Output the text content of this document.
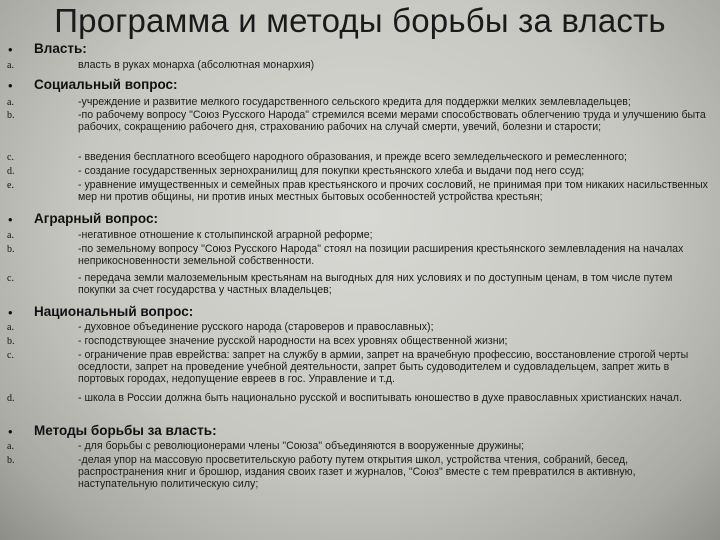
Программа и методы борьбы за власть
• Власть:
a.	власть в руках монарха (абсолютная монархия)
• Социальный вопрос:
a.	-учреждение и развитие мелкого государственного сельского кредита для поддержки мелких землевладельцев;
b.	-по рабочему вопросу "Союз Русского Народа" стремился всеми мерами способствовать облегчению труда и улучшению быта рабочих, сокращению рабочего дня, страхованию рабочих на случай смерти, увечий, болезни и старости;
c.	- введения бесплатного всеобщего народного образования, и прежде всего земледельческого и ремесленного;
d.	- создание государственных зернохранилищ для покупки крестьянского хлеба и выдачи под него ссуд;
e.	- уравнение имущественных и семейных прав крестьянского и прочих сословий, не принимая при том никаких насильственных мер ни против общины, ни против иных местных бытовых особенностей устройства крестьян;
• Аграрный вопрос:
a.	-негативное отношение к столыпинской аграрной реформе;
b.	-по земельному вопросу "Союз Русского Народа" стоял на позиции расширения крестьянского землевладения на началах неприкосновенности земельной собственности.
c.	- передача земли малоземельным крестьянам на выгодных для них условиях и по доступным ценам, в том числе путем покупки за счет государства у частных владельцев;
• Национальный вопрос:
a.	- духовное объединение русского народа (староверов и православных);
b.	- господствующее значение русской народности на всех уровнях общественной жизни;
c.	- ограничение прав еврейства: запрет на службу в армии, запрет на врачебную профессию, восстановление строгой черты оседлости, запрет на проведение учебной деятельности, запрет быть судоводителем и судовладельцем, запрет жить в портовых городах, недопущение евреев в гос. Управление и т.д.
d.	- школа в России должна быть национально русской и воспитывать юношество в духе православных христианских начал.
• Методы борьбы за власть:
a.	- для борьбы с революционерами члены "Союза" объединяются в вооруженные дружины;
b.	-делая упор на массовую просветительскую работу путем открытия школ, устройства чтения, собраний, бесед, распространения книг и брошюр, издания своих газет и журналов, "Союз" вместе с тем превратился в активную, наступательную политическую силу;
